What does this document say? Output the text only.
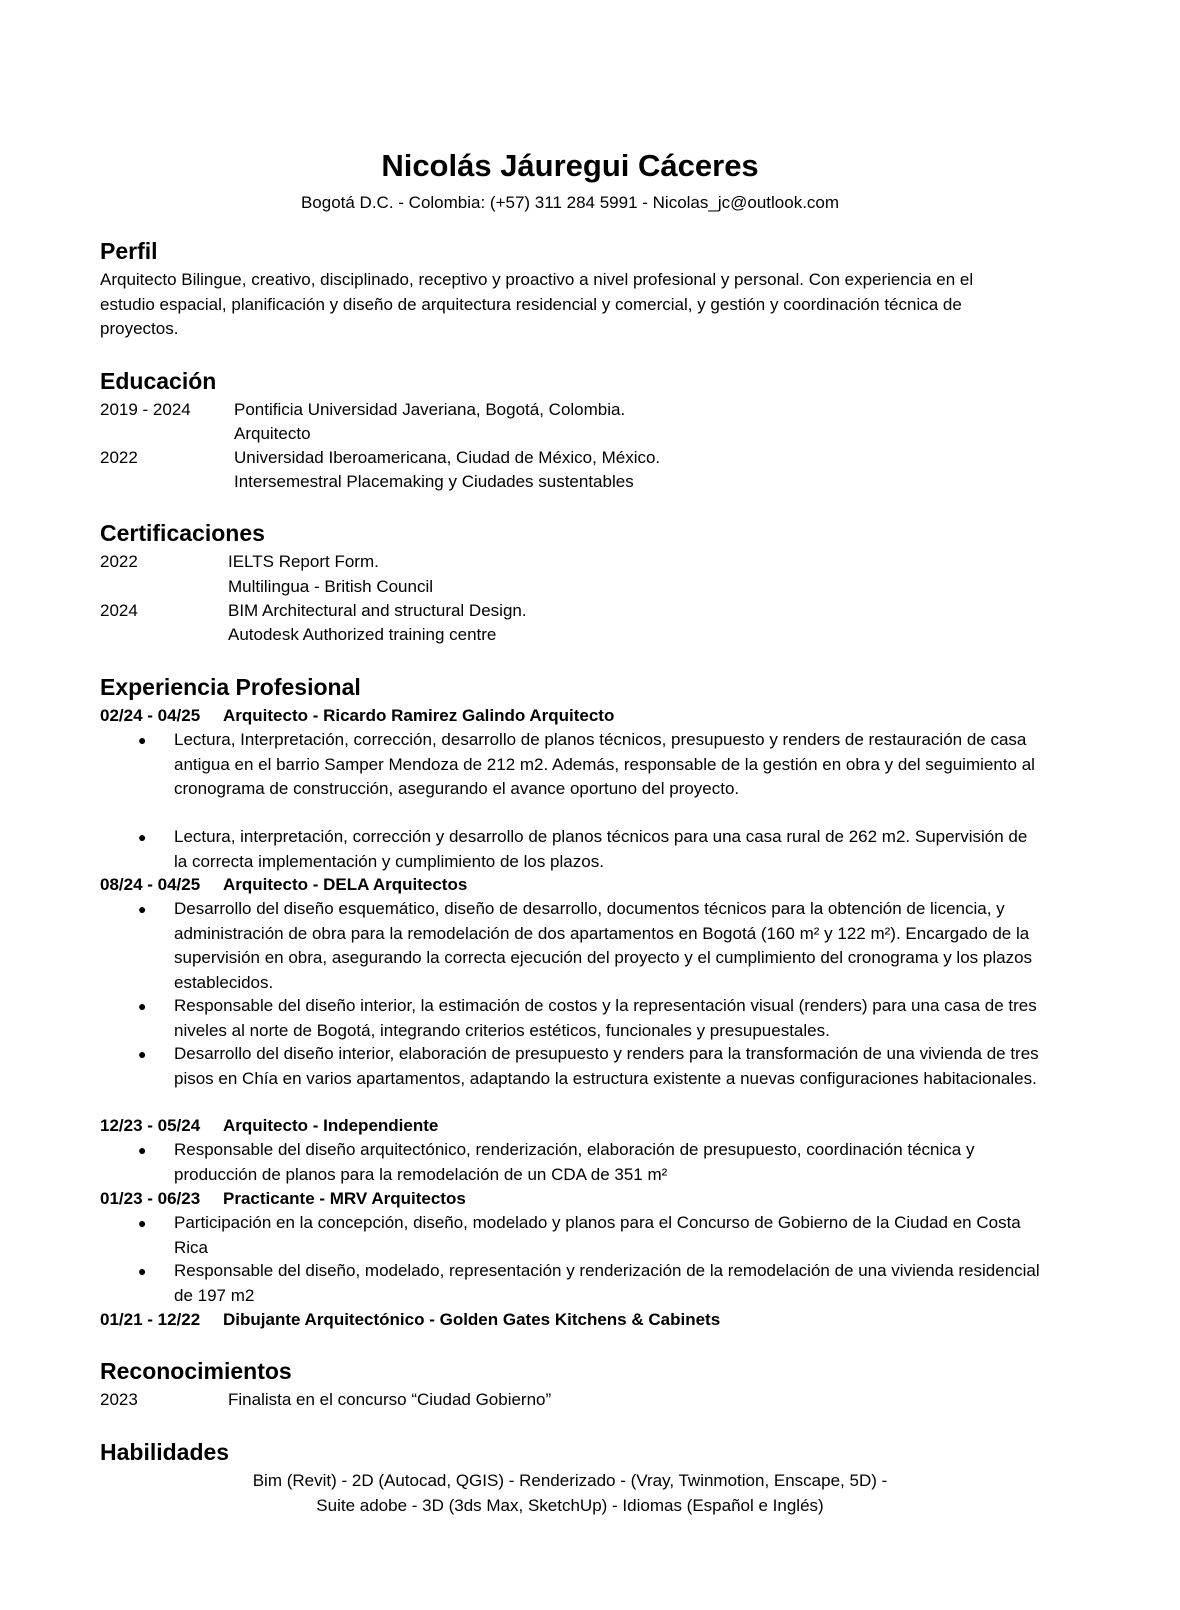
Nicolás Jáuregui Cáceres
Bogotá D.C. - Colombia: (+57) 311 284 5991 - Nicolas_jc@outlook.com
Perfil
Arquitecto Bilingue, creativo, disciplinado, receptivo y proactivo a nivel profesional y personal. Con experiencia en el estudio espacial, planificación y diseño de arquitectura residencial y comercial, y gestión y coordinación técnica de proyectos.
Educación
2019 - 2024	Pontificia Universidad Javeriana, Bogotá, Colombia.
Arquitecto
2022	Universidad Iberoamericana, Ciudad de México, México.
Intersemestral Placemaking y Ciudades sustentables
Certificaciones
2022	IELTS Report Form.
Multilingua - British Council
2024	BIM Architectural and structural Design.
Autodesk Authorized training centre
Experiencia Profesional
02/24 - 04/25 Arquitecto - Ricardo Ramirez Galindo Arquitecto
● Lectura, Interpretación, corrección, desarrollo de planos técnicos, presupuesto y renders de restauración de casa antigua en el barrio Samper Mendoza de 212 m2. Además, responsable de la gestión en obra y del seguimiento al cronograma de construcción, asegurando el avance oportuno del proyecto.
● Lectura, interpretación, corrección y desarrollo de planos técnicos para una casa rural de 262 m2. Supervisión de la correcta implementación y cumplimiento de los plazos.
08/24 - 04/25 Arquitecto - DELA Arquitectos
● Desarrollo del diseño esquemático, diseño de desarrollo, documentos técnicos para la obtención de licencia, y administración de obra para la remodelación de dos apartamentos en Bogotá (160 m² y 122 m²). Encargado de la supervisión en obra, asegurando la correcta ejecución del proyecto y el cumplimiento del cronograma y los plazos establecidos.
● Responsable del diseño interior, la estimación de costos y la representación visual (renders) para una casa de tres niveles al norte de Bogotá, integrando criterios estéticos, funcionales y presupuestales.
● Desarrollo del diseño interior, elaboración de presupuesto y renders para la transformación de una vivienda de tres pisos en Chía en varios apartamentos, adaptando la estructura existente a nuevas configuraciones habitacionales.
12/23 - 05/24 Arquitecto - Independiente
● Responsable del diseño arquitectónico, renderización, elaboración de presupuesto, coordinación técnica y producción de planos para la remodelación de un CDA de 351 m²
01/23 - 06/23 Practicante - MRV Arquitectos
● Participación en la concepción, diseño, modelado y planos para el Concurso de Gobierno de la Ciudad en Costa Rica
● Responsable del diseño, modelado, representación y renderización de la remodelación de una vivienda residencial de 197 m2
01/21 - 12/22 Dibujante Arquitectónico - Golden Gates Kitchens & Cabinets
Reconocimientos
2023	Finalista en el concurso “Ciudad Gobierno”
Habilidades
Bim (Revit) - 2D (Autocad, QGIS) - Renderizado - (Vray, Twinmotion, Enscape, 5D) -
Suite adobe - 3D (3ds Max, SketchUp) - Idiomas (Español e Inglés)
